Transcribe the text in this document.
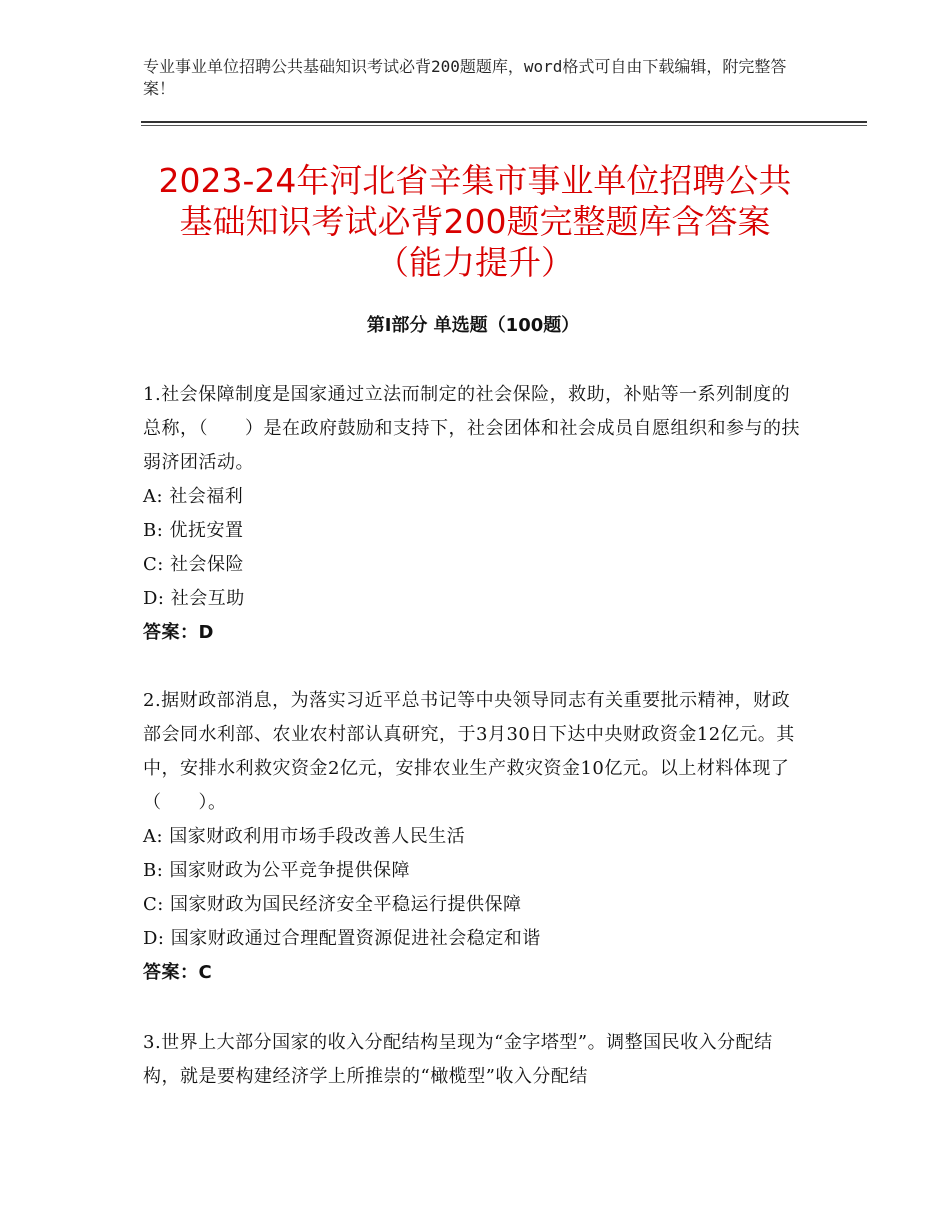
专业事业单位招聘公共基础知识考试必背200题题库，word格式可自由下载编辑，附完整答案！
2023-24年河北省辛集市事业单位招聘公共
基础知识考试必背200题完整题库含答案
（能力提升）
第Ⅰ部分 单选题（100题）

1.社会保障制度是国家通过立法而制定的社会保险，救助，补贴等一系列制度的总称，（　　）是在政府鼓励和支持下，社会团体和社会成员自愿组织和参与的扶弱济团活动。

A: 社会福利

B: 优抚安置

C: 社会保险

D: 社会互助

答案：D

2.据财政部消息，为落实习近平总书记等中央领导同志有关重要批示精神，财政部会同水利部、农业农村部认真研究，于3月30日下达中央财政资金12亿元。其中，安排水利救灾资金2亿元，安排农业生产救灾资金10亿元。以上材料体现了（　　）。

A: 国家财政利用市场手段改善人民生活

B: 国家财政为公平竞争提供保障

C: 国家财政为国民经济安全平稳运行提供保障

D: 国家财政通过合理配置资源促进社会稳定和谐

答案：C

3.世界上大部分国家的收入分配结构呈现为“金字塔型”。调整国民收入分配结构，就是要构建经济学上所推崇的“橄榄型”收入分配结
